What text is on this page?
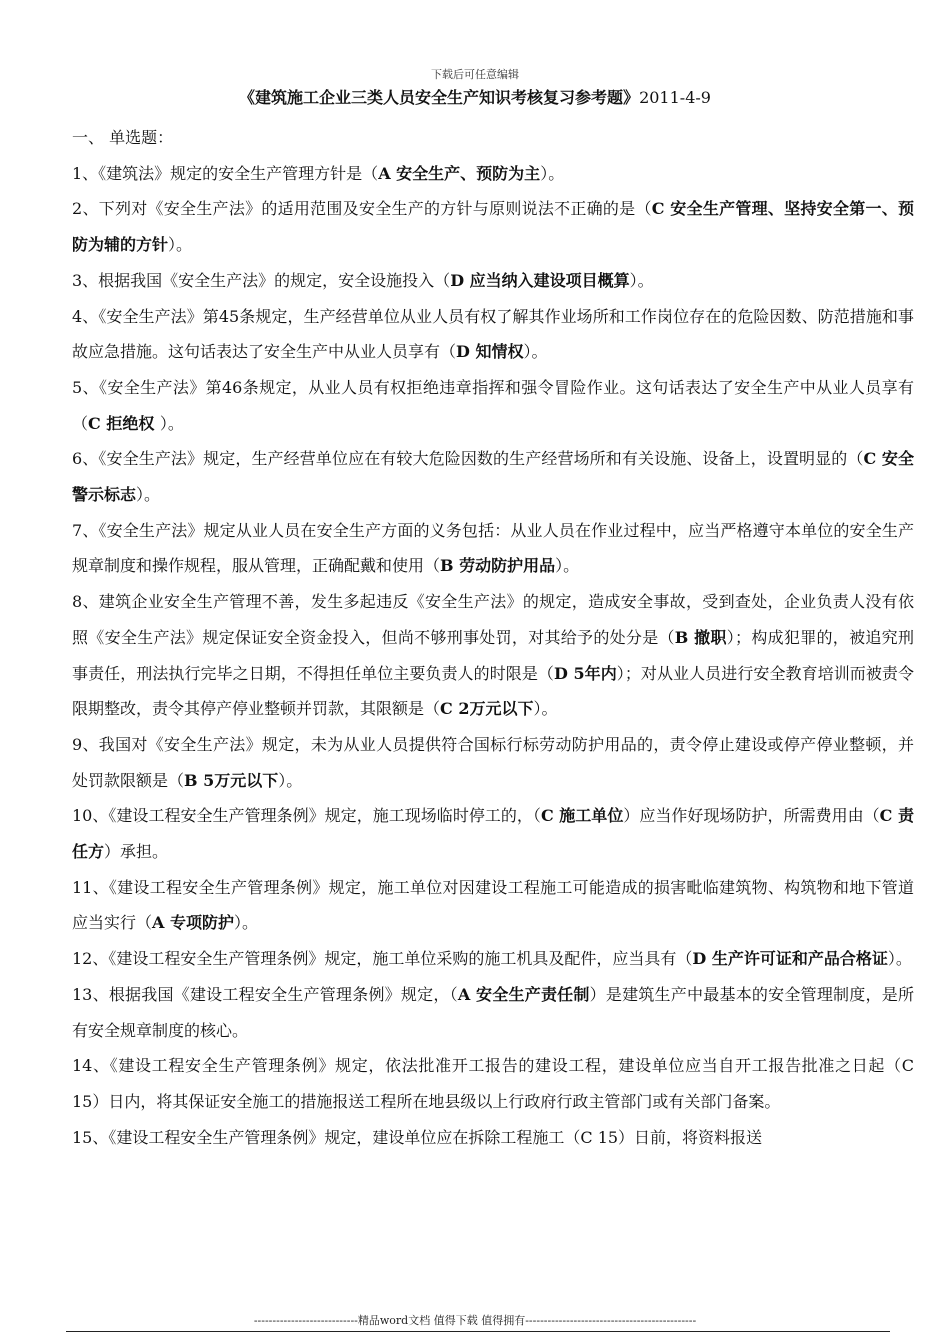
下载后可任意编辑
《建筑施工企业三类人员安全生产知识考核复习参考题》2011-4-9

一、 单选题：

1、《建筑法》规定的安全生产管理方针是（A 安全生产、预防为主）。

2、下列对《安全生产法》的适用范围及安全生产的方针与原则说法不正确的是（C 安全生产管理、坚持安全第一、预防为辅的方针）。

3、根据我国《安全生产法》的规定，安全设施投入（D 应当纳入建设项目概算）。

4、《安全生产法》第45条规定，生产经营单位从业人员有权了解其作业场所和工作岗位存在的危险因数、防范措施和事故应急措施。这句话表达了安全生产中从业人员享有（D 知情权）。

5、《安全生产法》第46条规定，从业人员有权拒绝违章指挥和强令冒险作业。这句话表达了安全生产中从业人员享有（C 拒绝权 ）。

6、《安全生产法》规定，生产经营单位应在有较大危险因数的生产经营场所和有关设施、设备上，设置明显的（C 安全警示标志）。

7、《安全生产法》规定从业人员在安全生产方面的义务包括：从业人员在作业过程中，应当严格遵守本单位的安全生产规章制度和操作规程，服从管理，正确配戴和使用（B 劳动防护用品）。

8、建筑企业安全生产管理不善，发生多起违反《安全生产法》的规定，造成安全事故，受到查处，企业负责人没有依照《安全生产法》规定保证安全资金投入，但尚不够刑事处罚，对其给予的处分是（B 撤职）；构成犯罪的，被追究刑事责任，刑法执行完毕之日期，不得担任单位主要负责人的时限是（D 5年内）；对从业人员进行安全教育培训而被责令限期整改，责令其停产停业整顿并罚款，其限额是（C 2万元以下）。

9、我国对《安全生产法》规定，未为从业人员提供符合国标行标劳动防护用品的，责令停止建设或停产停业整顿，并处罚款限额是（B 5万元以下）。

10、《建设工程安全生产管理条例》规定，施工现场临时停工的，（C 施工单位）应当作好现场防护，所需费用由（C 责任方）承担。

11、《建设工程安全生产管理条例》规定，施工单位对因建设工程施工可能造成的损害毗临建筑物、构筑物和地下管道应当实行（A 专项防护）。

12、《建设工程安全生产管理条例》规定，施工单位采购的施工机具及配件，应当具有（D 生产许可证和产品合格证）。

13、根据我国《建设工程安全生产管理条例》规定，（A 安全生产责任制）是建筑生产中最基本的安全管理制度，是所有安全规章制度的核心。

14、《建设工程安全生产管理条例》规定，依法批准开工报告的建设工程，建设单位应当自开工报告批准之日起（C 15）日内，将其保证安全施工的措施报送工程所在地县级以上行政府行政主管部门或有关部门备案。

15、《建设工程安全生产管理条例》规定，建设单位应在拆除工程施工（C 15）日前，将资料报送

----------------------------精品word文档 值得下载 值得拥有----------------------------------------------
